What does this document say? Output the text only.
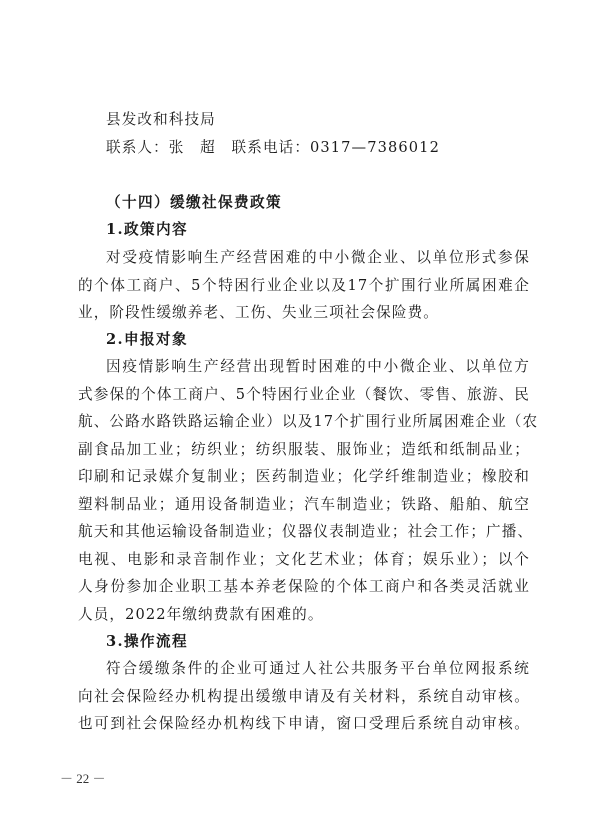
县发改和科技局
联系人：张　超　联系电话：0317—7386012
（十四）缓缴社保费政策
1.政策内容
对受疫情影响生产经营困难的中小微企业、以单位形式参保
的个体工商户、5个特困行业企业以及17个扩围行业所属困难企
业，阶段性缓缴养老、工伤、失业三项社会保险费。
2.申报对象
因疫情影响生产经营出现暂时困难的中小微企业、以单位方
式参保的个体工商户、5个特困行业企业（餐饮、零售、旅游、民
航、公路水路铁路运输企业）以及17个扩围行业所属困难企业（农
副食品加工业；纺织业；纺织服装、服饰业；造纸和纸制品业；
印刷和记录媒介复制业；医药制造业；化学纤维制造业；橡胶和
塑料制品业；通用设备制造业；汽车制造业；铁路、船舶、航空
航天和其他运输设备制造业；仪器仪表制造业；社会工作；广播、
电视、电影和录音制作业；文化艺术业；体育；娱乐业）；以个
人身份参加企业职工基本养老保险的个体工商户和各类灵活就业
人员，2022年缴纳费款有困难的。
3.操作流程
符合缓缴条件的企业可通过人社公共服务平台单位网报系统
向社会保险经办机构提出缓缴申请及有关材料，系统自动审核。
也可到社会保险经办机构线下申请，窗口受理后系统自动审核。
－ 22 －
